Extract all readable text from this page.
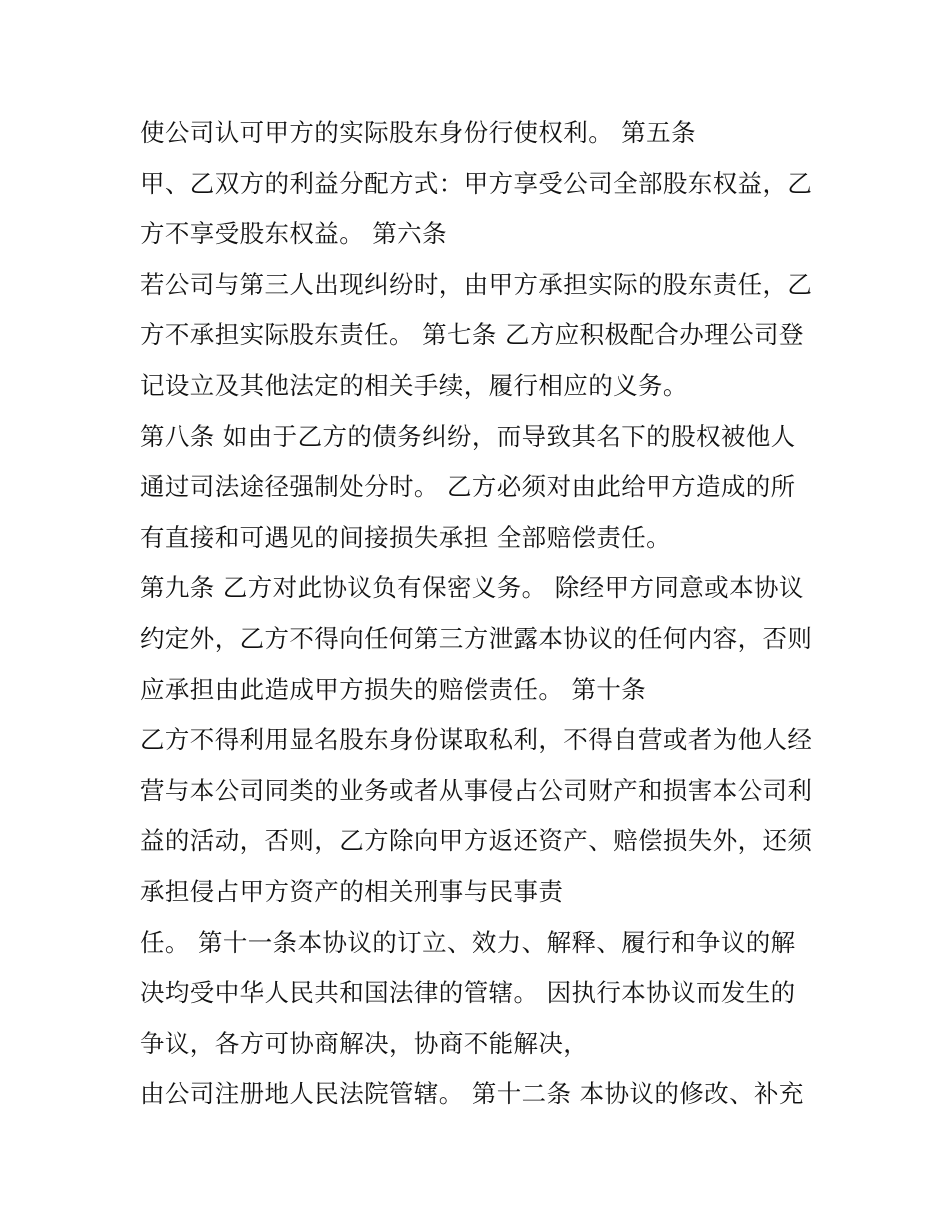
使公司认可甲方的实际股东身份行使权利。 第五条
甲、乙双方的利益分配方式：甲方享受公司全部股东权益，乙
方不享受股东权益。 第六条
若公司与第三人出现纠纷时，由甲方承担实际的股东责任，乙
方不承担实际股东责任。 第七条 乙方应积极配合办理公司登
记设立及其他法定的相关手续，履行相应的义务。
第八条 如由于乙方的债务纠纷，而导致其名下的股权被他人
通过司法途径强制处分时。 乙方必须对由此给甲方造成的所
有直接和可遇见的间接损失承担 全部赔偿责任。
第九条 乙方对此协议负有保密义务。 除经甲方同意或本协议
约定外，乙方不得向任何第三方泄露本协议的任何内容，否则
应承担由此造成甲方损失的赔偿责任。 第十条
乙方不得利用显名股东身份谋取私利，不得自营或者为他人经
营与本公司同类的业务或者从事侵占公司财产和损害本公司利
益的活动，否则，乙方除向甲方返还资产、赔偿损失外，还须
承担侵占甲方资产的相关刑事与民事责
任。 第十一条本协议的订立、效力、解释、履行和争议的解
决均受中华人民共和国法律的管辖。 因执行本协议而发生的
争议，各方可协商解决，协商不能解决，
由公司注册地人民法院管辖。 第十二条 本协议的修改、补充
